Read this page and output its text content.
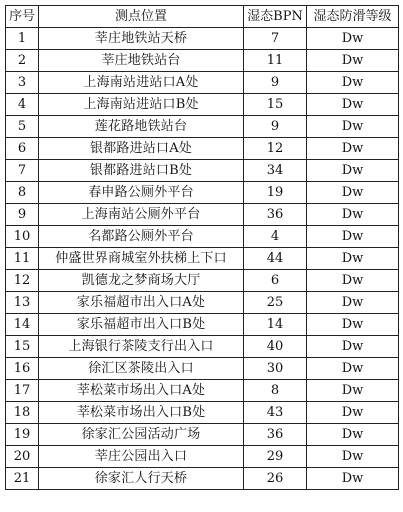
序号	测点位置	湿态BPN	湿态防滑等级
1	莘庄地铁站天桥	7	Dw
2	莘庄地铁站台	11	Dw
3	上海南站进站口A处	9	Dw
4	上海南站进站口B处	15	Dw
5	莲花路地铁站台	9	Dw
6	银都路进站口A处	12	Dw
7	银都路进站口B处	34	Dw
8	春申路公厕外平台	19	Dw
9	上海南站公厕外平台	36	Dw
10	名都路公厕外平台	4	Dw
11	仲盛世界商城室外扶梯上下口	44	Dw
12	凯德龙之梦商场大厅	6	Dw
13	家乐福超市出入口A处	25	Dw
14	家乐福超市出入口B处	14	Dw
15	上海银行茶陵支行出入口	40	Dw
16	徐汇区茶陵出入口	30	Dw
17	莘松菜市场出入口A处	8	Dw
18	莘松菜市场出入口B处	43	Dw
19	徐家汇公园活动广场	36	Dw
20	莘庄公园出入口	29	Dw
21	徐家汇人行天桥	26	Dw
